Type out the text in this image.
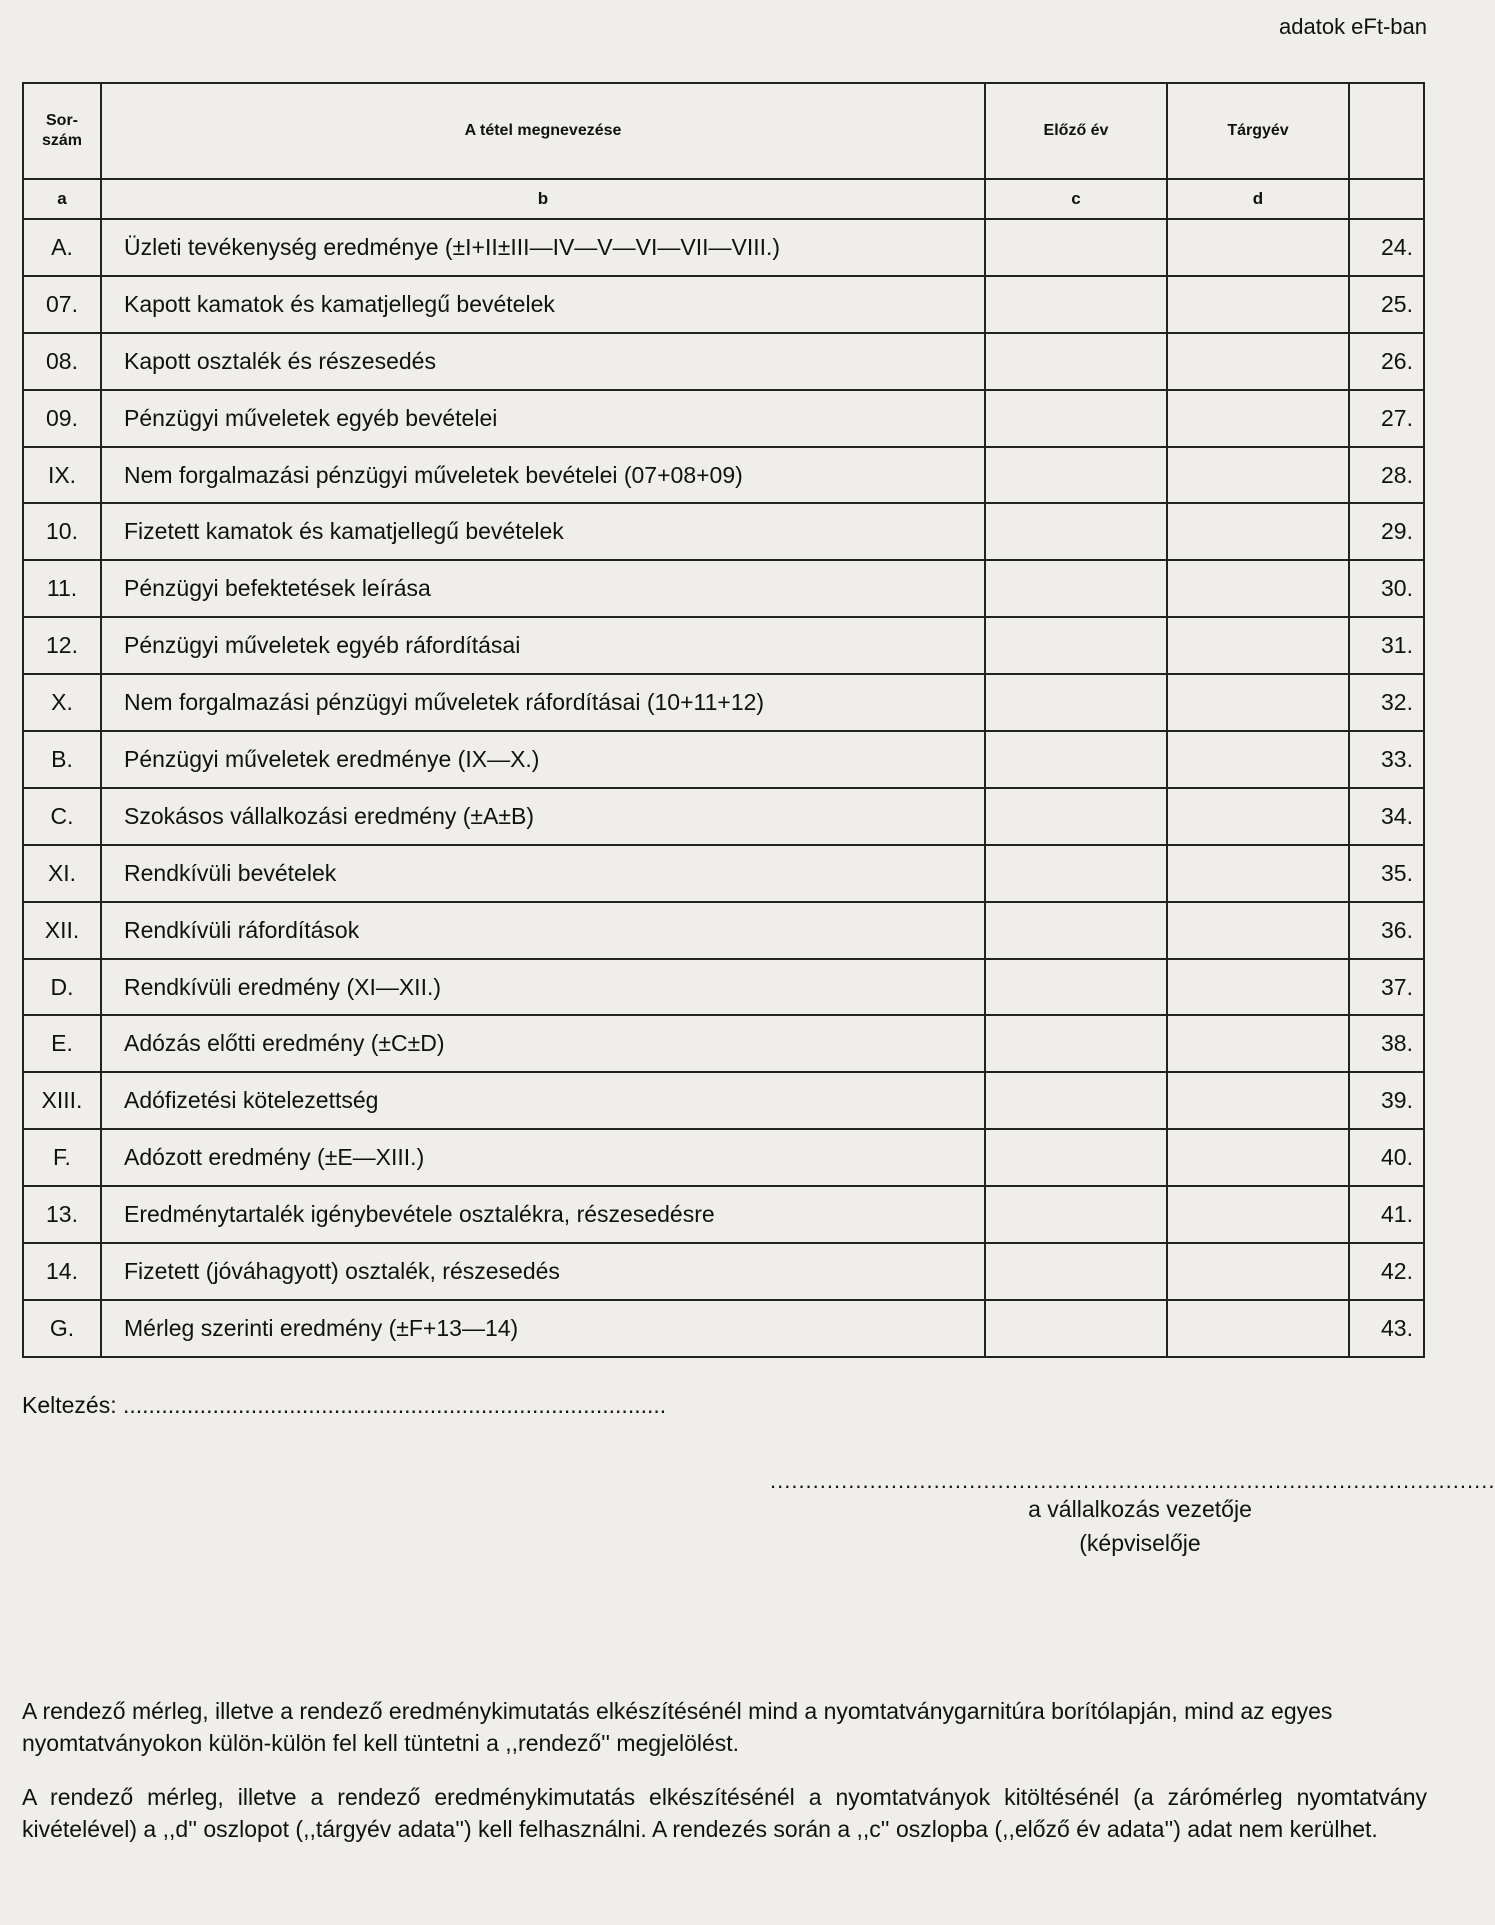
adatok eFt-ban
Sor-
szám	A tétel megnevezése	Előző év	Tárgyév	
a	b	c	d	
A.	Üzleti tevékenység eredménye (±I+II±III—IV—V—VI—VII—VIII.)			24.
07.	Kapott kamatok és kamatjellegű bevételek			25.
08.	Kapott osztalék és részesedés			26.
09.	Pénzügyi műveletek egyéb bevételei			27.
IX.	Nem forgalmazási pénzügyi műveletek bevételei (07+08+09)			28.
10.	Fizetett kamatok és kamatjellegű bevételek			29.
11.	Pénzügyi befektetések leírása			30.
12.	Pénzügyi műveletek egyéb ráfordításai			31.
X.	Nem forgalmazási pénzügyi műveletek ráfordításai (10+11+12)			32.
B.	Pénzügyi műveletek eredménye (IX—X.)			33.
C.	Szokásos vállalkozási eredmény (±A±B)			34.
XI.	Rendkívüli bevételek			35.
XII.	Rendkívüli ráfordítások			36.
D.	Rendkívüli eredmény (XI—XII.)			37.
E.	Adózás előtti eredmény (±C±D)			38.
XIII.	Adófizetési kötelezettség			39.
F.	Adózott eredmény (±E—XIII.)			40.
13.	Eredménytartalék igénybevétele osztalékra, részesedésre			41.
14.	Fizetett (jóváhagyott) osztalék, részesedés			42.
G.	Mérleg szerinti eredmény (±F+13—14)			43.
Keltezés: .....................................................................................
......................................................................................................
a vállalkozás vezetője
(képviselője
A rendező mérleg, illetve a rendező eredménykimutatás elkészítésénél mind a nyomtatványgarnitúra borítólapján, mind az egyes nyomtatványokon külön-külön fel kell tüntetni a ,,rendező'' megjelölést.
A rendező mérleg, illetve a rendező eredménykimutatás elkészítésénél a nyomtatványok kitöltésénél (a zárómérleg nyomtatvány kivételével) a ,,d'' oszlopot (,,tárgyév adata'') kell felhasználni. A rendezés során a ,,c'' oszlopba (,,előző év adata'') adat nem kerülhet.
